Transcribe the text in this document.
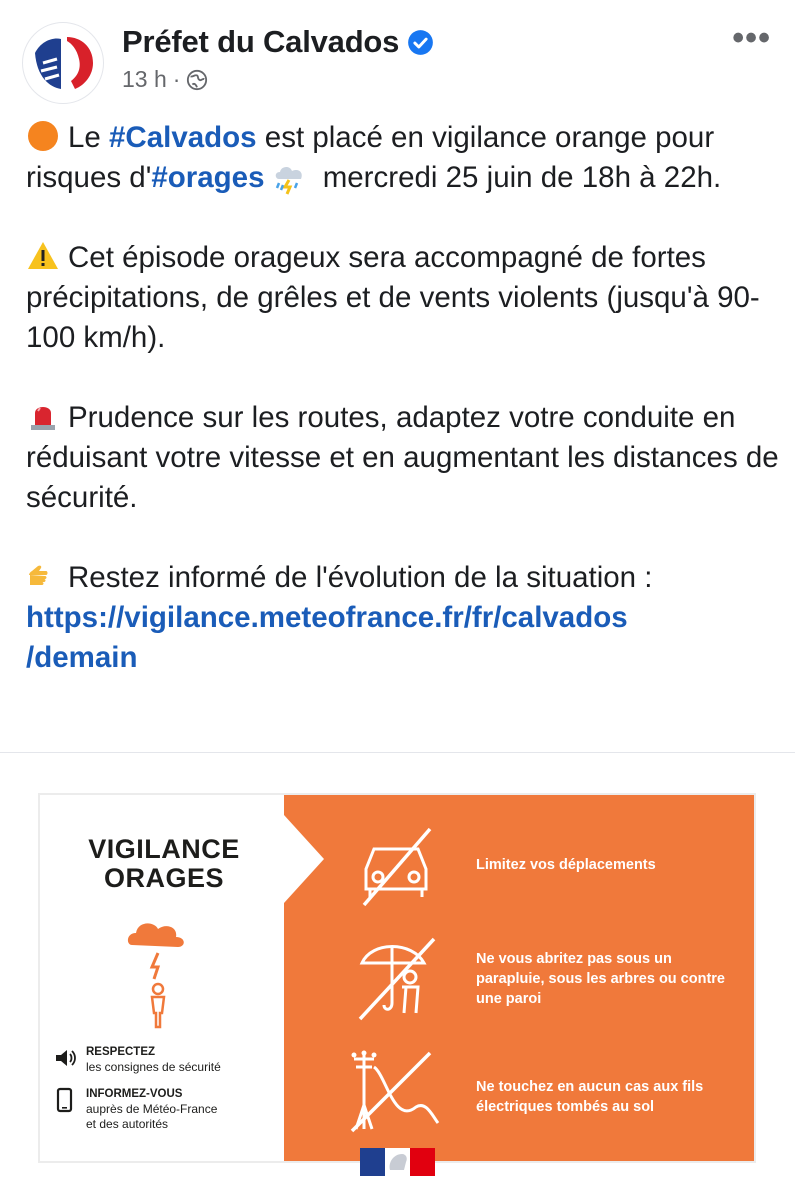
Préfet du Calvados
13 h ·
•••

Le #Calvados est placé en vigilance orange pour risques d'#orages mercredi 25 juin de 18h à 22h.

Cet épisode orageux sera accompagné de fortes précipitations, de grêles et de vents violents (jusqu'à 90-100 km/h).

Prudence sur les routes, adaptez votre conduite en réduisant votre vitesse et en augmentant les distances de sécurité.

Restez informé de l'évolution de la situation :
https://vigilance.meteofrance.fr/fr/calvados
/demain

VIGILANCE
ORAGES
RESPECTEZ
les consignes de sécurité
INFORMEZ-VOUS
auprès de Météo-France
et des autorités
Limitez vos déplacements
Ne vous abritez pas sous un parapluie, sous les arbres ou contre une paroi
Ne touchez en aucun cas aux fils électriques tombés au sol
